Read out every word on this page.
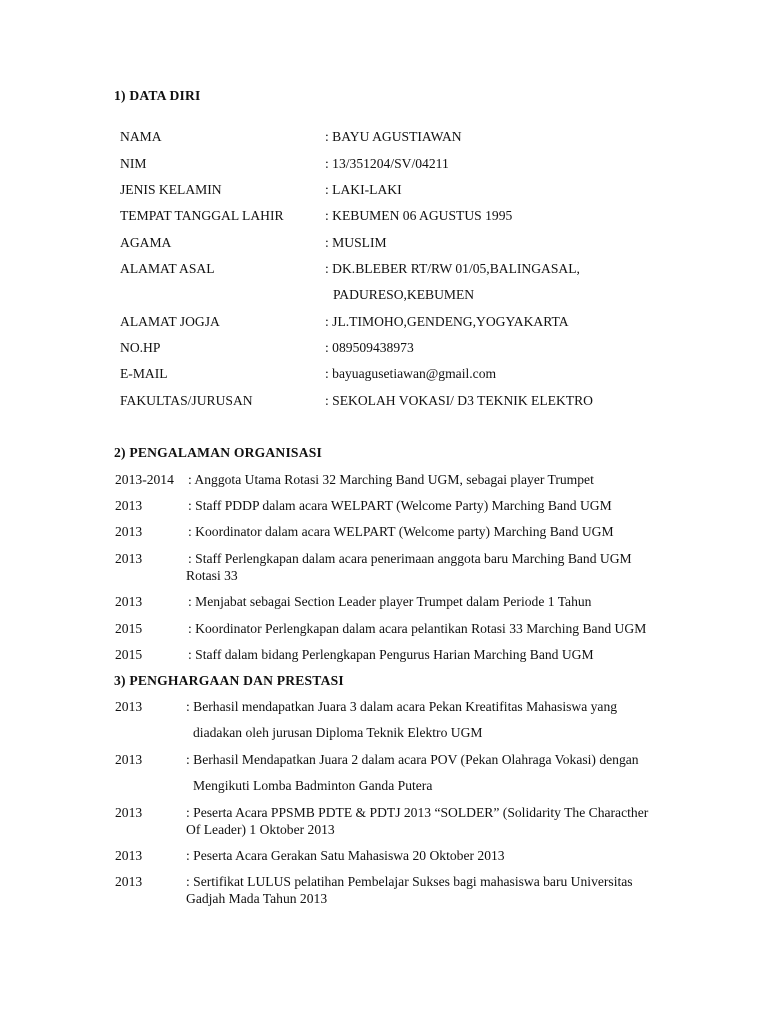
1) DATA DIRI
NAMA	: BAYU AGUSTIAWAN
NIM	: 13/351204/SV/04211
JENIS KELAMIN	: LAKI-LAKI
TEMPAT TANGGAL LAHIR	: KEBUMEN 06 AGUSTUS 1995
AGAMA	: MUSLIM
ALAMAT ASAL	: DK.BLEBER RT/RW 01/05,BALINGASAL,
PADURESO,KEBUMEN
ALAMAT JOGJA	: JL.TIMOHO,GENDENG,YOGYAKARTA
NO.HP	: 089509438973
E-MAIL	: bayuagusetiawan@gmail.com
FAKULTAS/JURUSAN	: SEKOLAH VOKASI/ D3 TEKNIK ELEKTRO
2) PENGALAMAN ORGANISASI
2013-2014 : Anggota Utama Rotasi 32 Marching Band UGM, sebagai player Trumpet
2013	: Staff PDDP dalam acara WELPART (Welcome Party) Marching Band UGM
2013	: Koordinator dalam acara WELPART (Welcome party) Marching Band UGM
2013	: Staff Perlengkapan dalam acara penerimaan anggota baru Marching Band UGM
Rotasi 33
2013	: Menjabat sebagai Section Leader player Trumpet dalam Periode 1 Tahun
2015	: Koordinator Perlengkapan dalam acara pelantikan Rotasi 33 Marching Band UGM
2015	: Staff dalam bidang Perlengkapan Pengurus Harian Marching Band UGM
3) PENGHARGAAN DAN PRESTASI
2013	: Berhasil mendapatkan Juara 3 dalam acara Pekan Kreatifitas Mahasiswa yang
diadakan oleh jurusan Diploma Teknik Elektro UGM
2013	: Berhasil Mendapatkan Juara 2 dalam acara POV (Pekan Olahraga Vokasi) dengan
Mengikuti Lomba Badminton Ganda Putera
2013	: Peserta Acara PPSMB PDTE & PDTJ 2013 “SOLDER” (Solidarity The Characther
Of Leader) 1 Oktober 2013
2013	: Peserta Acara Gerakan Satu Mahasiswa 20 Oktober 2013
2013	: Sertifikat LULUS pelatihan Pembelajar Sukses bagi mahasiswa baru Universitas
Gadjah Mada Tahun 2013
